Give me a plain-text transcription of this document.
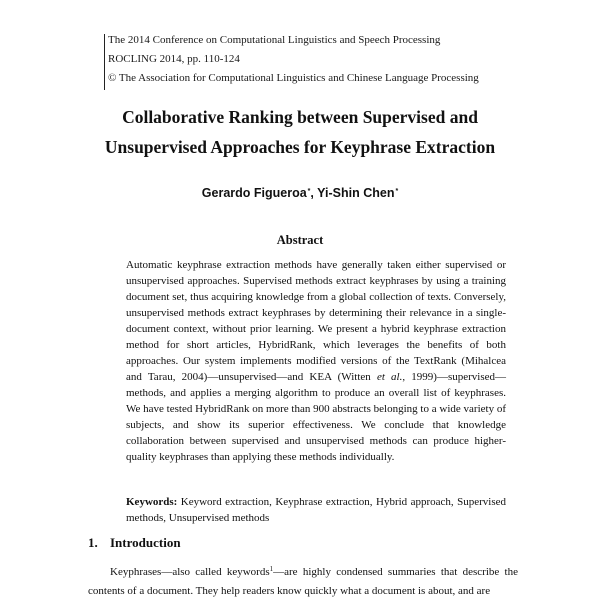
The 2014 Conference on Computational Linguistics and Speech Processing
ROCLING 2014, pp. 110-124
© The Association for Computational Linguistics and Chinese Language Processing
Collaborative Ranking between Supervised and
Unsupervised Approaches for Keyphrase Extraction
Gerardo Figueroa*, Yi-Shin Chen*
Abstract

Automatic keyphrase extraction methods have generally taken either supervised or unsupervised approaches. Supervised methods extract keyphrases by using a training document set, thus acquiring knowledge from a global collection of texts. Conversely, unsupervised methods extract keyphrases by determining their relevance in a single-document context, without prior learning. We present a hybrid keyphrase extraction method for short articles, HybridRank, which leverages the benefits of both approaches. Our system implements modified versions of the TextRank (Mihalcea and Tarau, 2004)—unsupervised—and KEA (Witten et al., 1999)—supervised—methods, and applies a merging algorithm to produce an overall list of keyphrases. We have tested HybridRank on more than 900 abstracts belonging to a wide variety of subjects, and show its superior effectiveness. We conclude that knowledge collaboration between supervised and unsupervised methods can produce higher-quality keyphrases than applying these methods individually.

Keywords: Keyword extraction, Keyphrase extraction, Hybrid approach, Supervised methods, Unsupervised methods
1. Introduction

Keyphrases—also called keywords$^1$—are highly condensed summaries that describe the contents of a document. They help readers know quickly what a document is about, and are
